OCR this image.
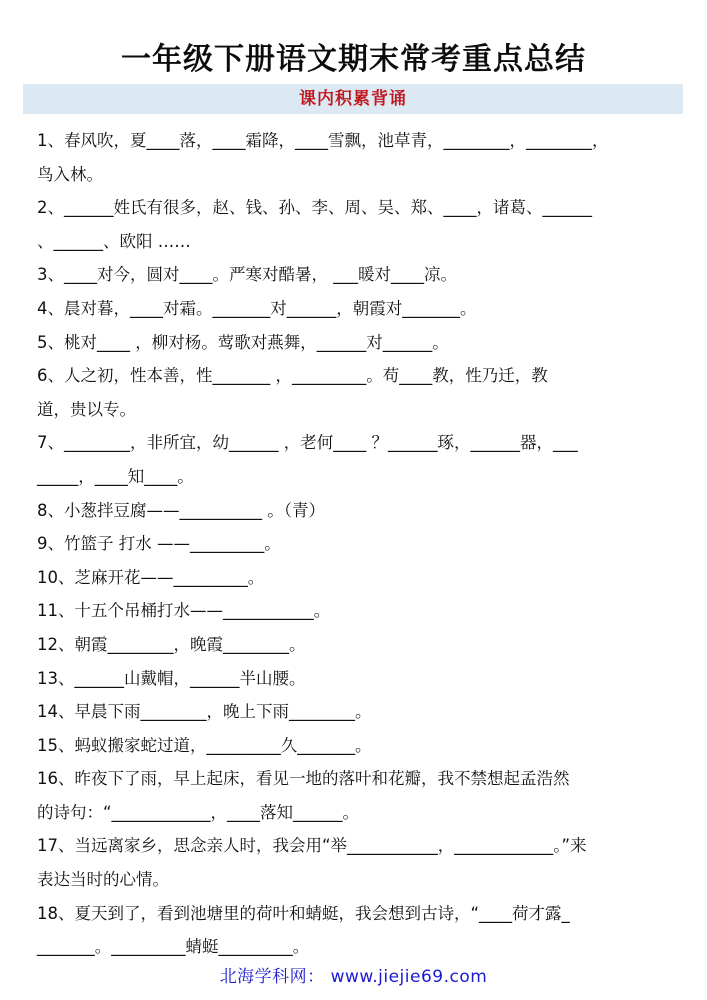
一年级下册语文期末常考重点总结
课内积累背诵
1、春风吹，夏____落，____霜降，____雪飘，池草青，________，________，
鸟入林。
2、______姓氏有很多，赵、钱、孙、李、周、吴、郑、____，诸葛、______
、______、欧阳 ……
3、____对今，圆对____。严寒对酷暑， ___暖对____凉。
4、晨对暮，____对霜。_______对______，朝霞对_______。
5、桃对____ ，柳对杨。莺歌对燕舞，______对______。
6、人之初，性本善，性_______ ，_________。苟____教，性乃迁，教
道，贵以专。
7、________，非所宜，幼______ ，老何____ ？______琢，______器，___
_____，____知____。
8、小葱拌豆腐——__________ 。（青）
9、竹篮子 打水 ——_________。
10、芝麻开花——_________。
11、十五个吊桶打水——___________。
12、朝霞________，晚霞________。
13、______山戴帽，______半山腰。
14、早晨下雨________，晚上下雨________。
15、蚂蚁搬家蛇过道，_________久_______。
16、昨夜下了雨，早上起床，看见一地的落叶和花瓣，我不禁想起孟浩然
的诗句：“____________，____落知______。
17、当远离家乡，思念亲人时，我会用“举___________，____________。”来
表达当时的心情。
18、夏天到了，看到池塘里的荷叶和蜻蜓，我会想到古诗，“____荷才露_
_______。_________蜻蜓_________。
北海学科网： www.jiejie69.com
